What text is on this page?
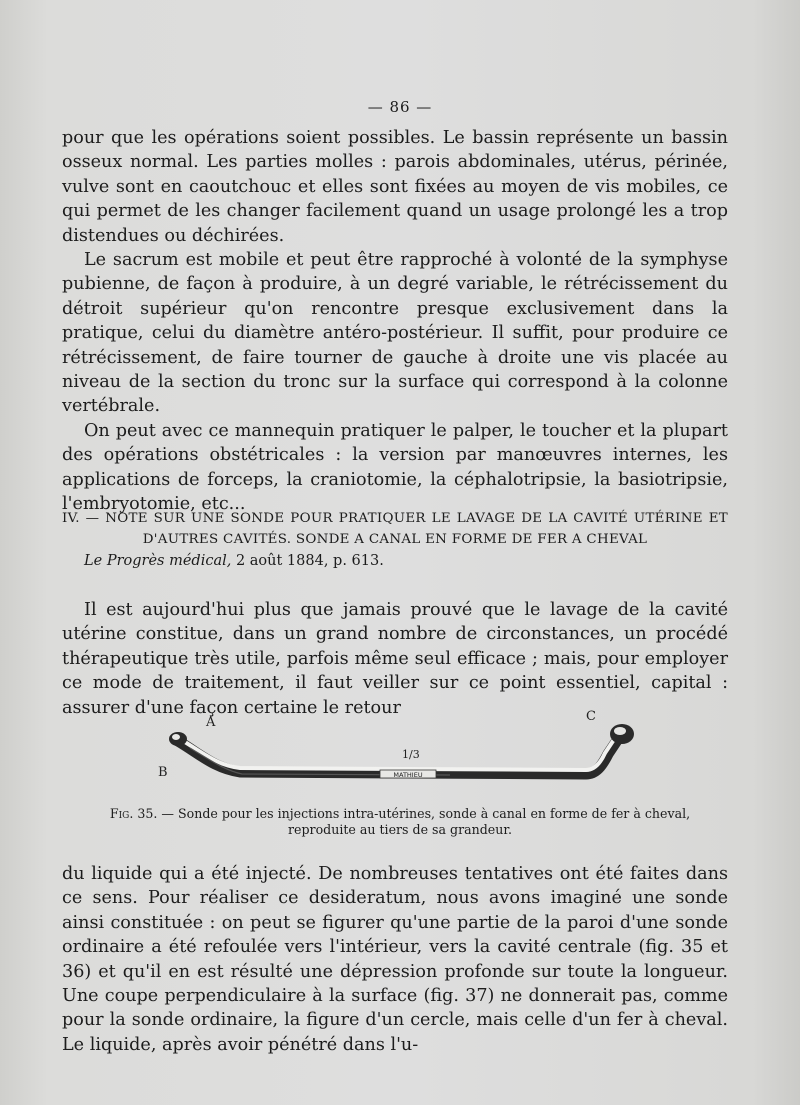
— 86 —

pour que les opérations soient possibles. Le bassin représente un bassin osseux normal. Les parties molles : parois abdominales, utérus, périnée, vulve sont en caoutchouc et elles sont fixées au moyen de vis mobiles, ce qui permet de les changer facilement quand un usage prolongé les a trop distendues ou déchirées.

Le sacrum est mobile et peut être rapproché à volonté de la symphyse pubienne, de façon à produire, à un degré variable, le rétrécissement du détroit supérieur qu'on rencontre presque exclusivement dans la pratique, celui du diamètre antéro-postérieur. Il suffit, pour produire ce rétrécissement, de faire tourner de gauche à droite une vis placée au niveau de la section du tronc sur la surface qui correspond à la colonne vertébrale.

On peut avec ce mannequin pratiquer le palper, le toucher et la plupart des opérations obstétricales : la version par manœuvres internes, les applications de forceps, la craniotomie, la céphalotripsie, la basiotripsie, l'embryotomie, etc...

IV. — NOTE SUR UNE SONDE POUR PRATIQUER LE LAVAGE DE LA CAVITÉ UTÉRINE ET
D'AUTRES CAVITÉS. SONDE A CANAL EN FORME DE FER A CHEVAL
Le Progrès médical, 2 août 1884, p. 613.

Il est aujourd'hui plus que jamais prouvé que le lavage de la cavité utérine constitue, dans un grand nombre de circonstances, un procédé thérapeutique très utile, parfois même seul efficace ; mais, pour employer ce mode de traitement, il faut veiller sur ce point essentiel, capital : assurer d'une façon certaine le retour

MATHIEU
A
B
C
1/3
Fig. 35. — Sonde pour les injections intra-utérines, sonde à canal en forme de fer à cheval, reproduite au tiers de sa grandeur.

du liquide qui a été injecté. De nombreuses tentatives ont été faites dans ce sens. Pour réaliser ce desideratum, nous avons imaginé une sonde ainsi constituée : on peut se figurer qu'une partie de la paroi d'une sonde ordinaire a été refoulée vers l'intérieur, vers la cavité centrale (fig. 35 et 36) et qu'il en est résulté une dépression profonde sur toute la longueur. Une coupe perpendiculaire à la surface (fig. 37) ne donnerait pas, comme pour la sonde ordinaire, la figure d'un cercle, mais celle d'un fer à cheval. Le liquide, après avoir pénétré dans l'u-
